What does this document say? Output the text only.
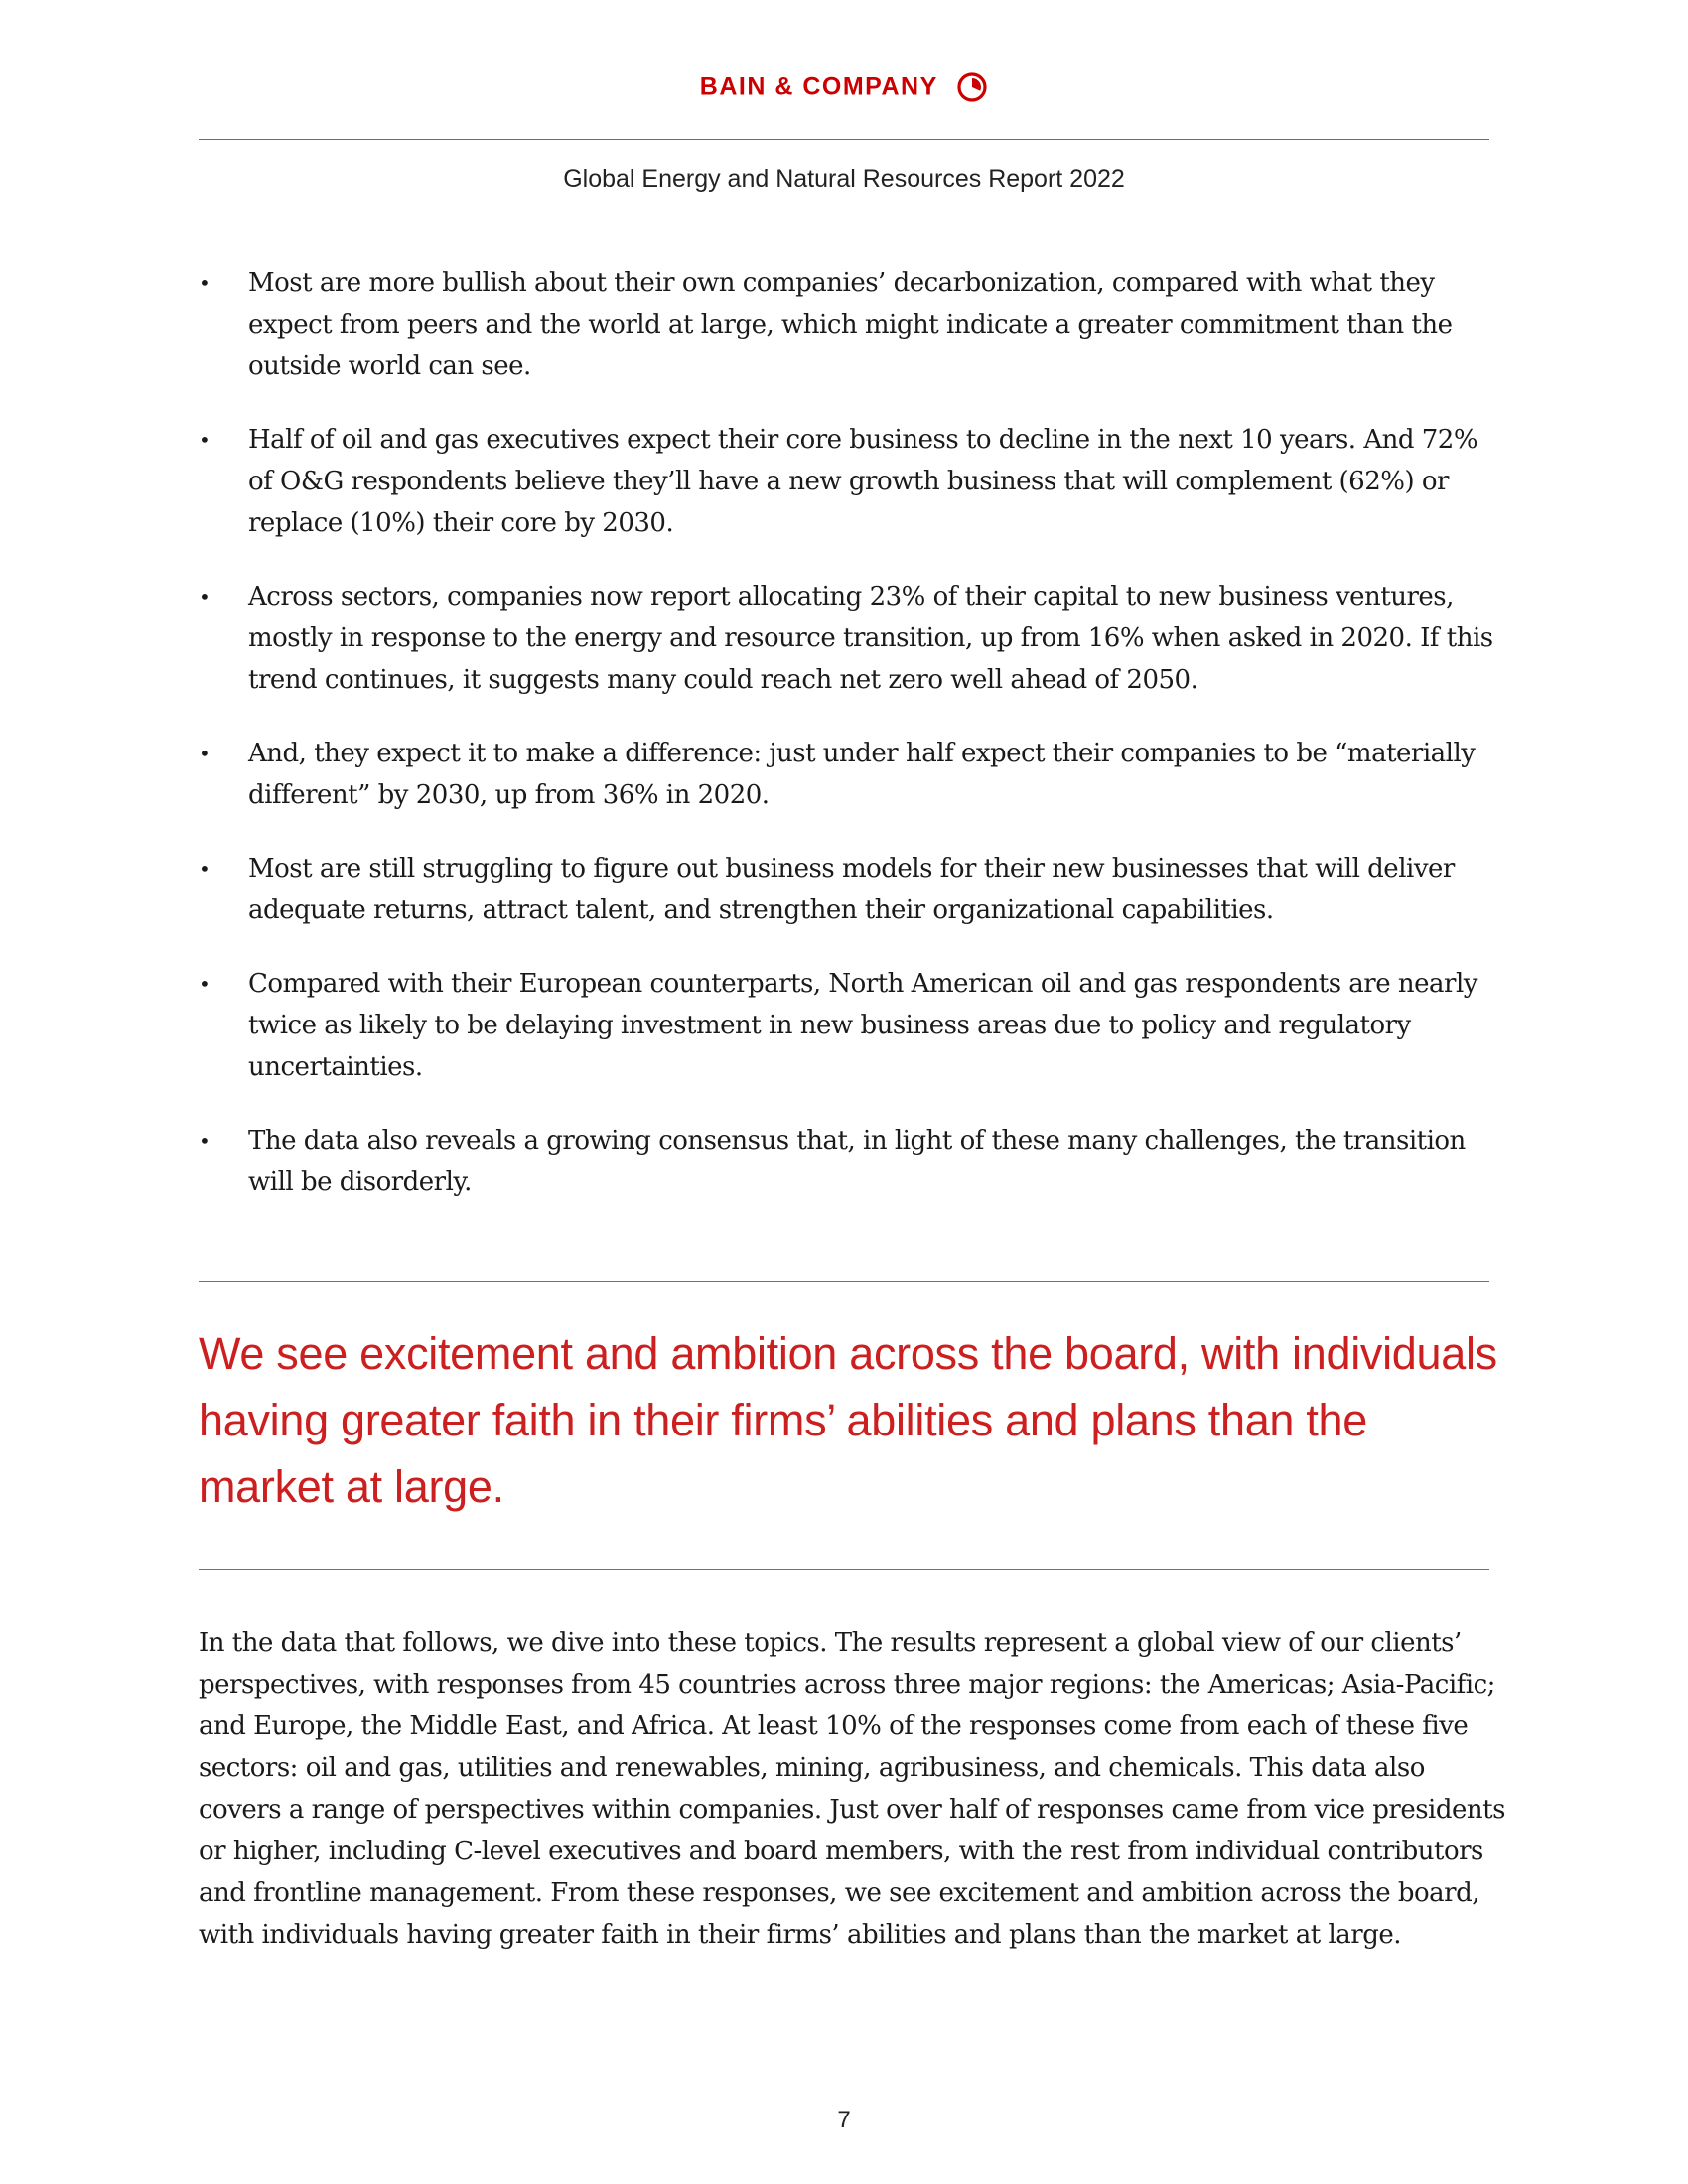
BAIN & COMPANY
Global Energy and Natural Resources Report 2022
• Most are more bullish about their own companies’ decarbonization, compared with what they expect from peers and the world at large, which might indicate a greater commitment than the outside world can see.
• Half of oil and gas executives expect their core business to decline in the next 10 years. And 72% of O&G respondents believe they’ll have a new growth business that will complement (62%) or replace (10%) their core by 2030.
• Across sectors, companies now report allocating 23% of their capital to new business ventures, mostly in response to the energy and resource transition, up from 16% when asked in 2020. If this trend continues, it suggests many could reach net zero well ahead of 2050.
• And, they expect it to make a difference: just under half expect their companies to be “materially different” by 2030, up from 36% in 2020.
• Most are still struggling to figure out business models for their new businesses that will deliver adequate returns, attract talent, and strengthen their organizational capabilities.
• Compared with their European counterparts, North American oil and gas respondents are nearly twice as likely to be delaying investment in new business areas due to policy and regulatory uncertainties.
• The data also reveals a growing consensus that, in light of these many challenges, the transition will be disorderly.
We see excitement and ambition across the board, with individuals having greater faith in their firms’ abilities and plans than the market at large.

In the data that follows, we dive into these topics. The results represent a global view of our clients’ perspectives, with responses from 45 countries across three major regions: the Americas; Asia-Pacific; and Europe, the Middle East, and Africa. At least 10% of the responses come from each of these five sectors: oil and gas, utilities and renewables, mining, agribusiness, and chemicals. This data also covers a range of perspectives within companies. Just over half of responses came from vice presidents or higher, including C-level executives and board members, with the rest from individual contributors and frontline management. From these responses, we see excitement and ambition across the board, with individuals having greater faith in their firms’ abilities and plans than the market at large.

7
